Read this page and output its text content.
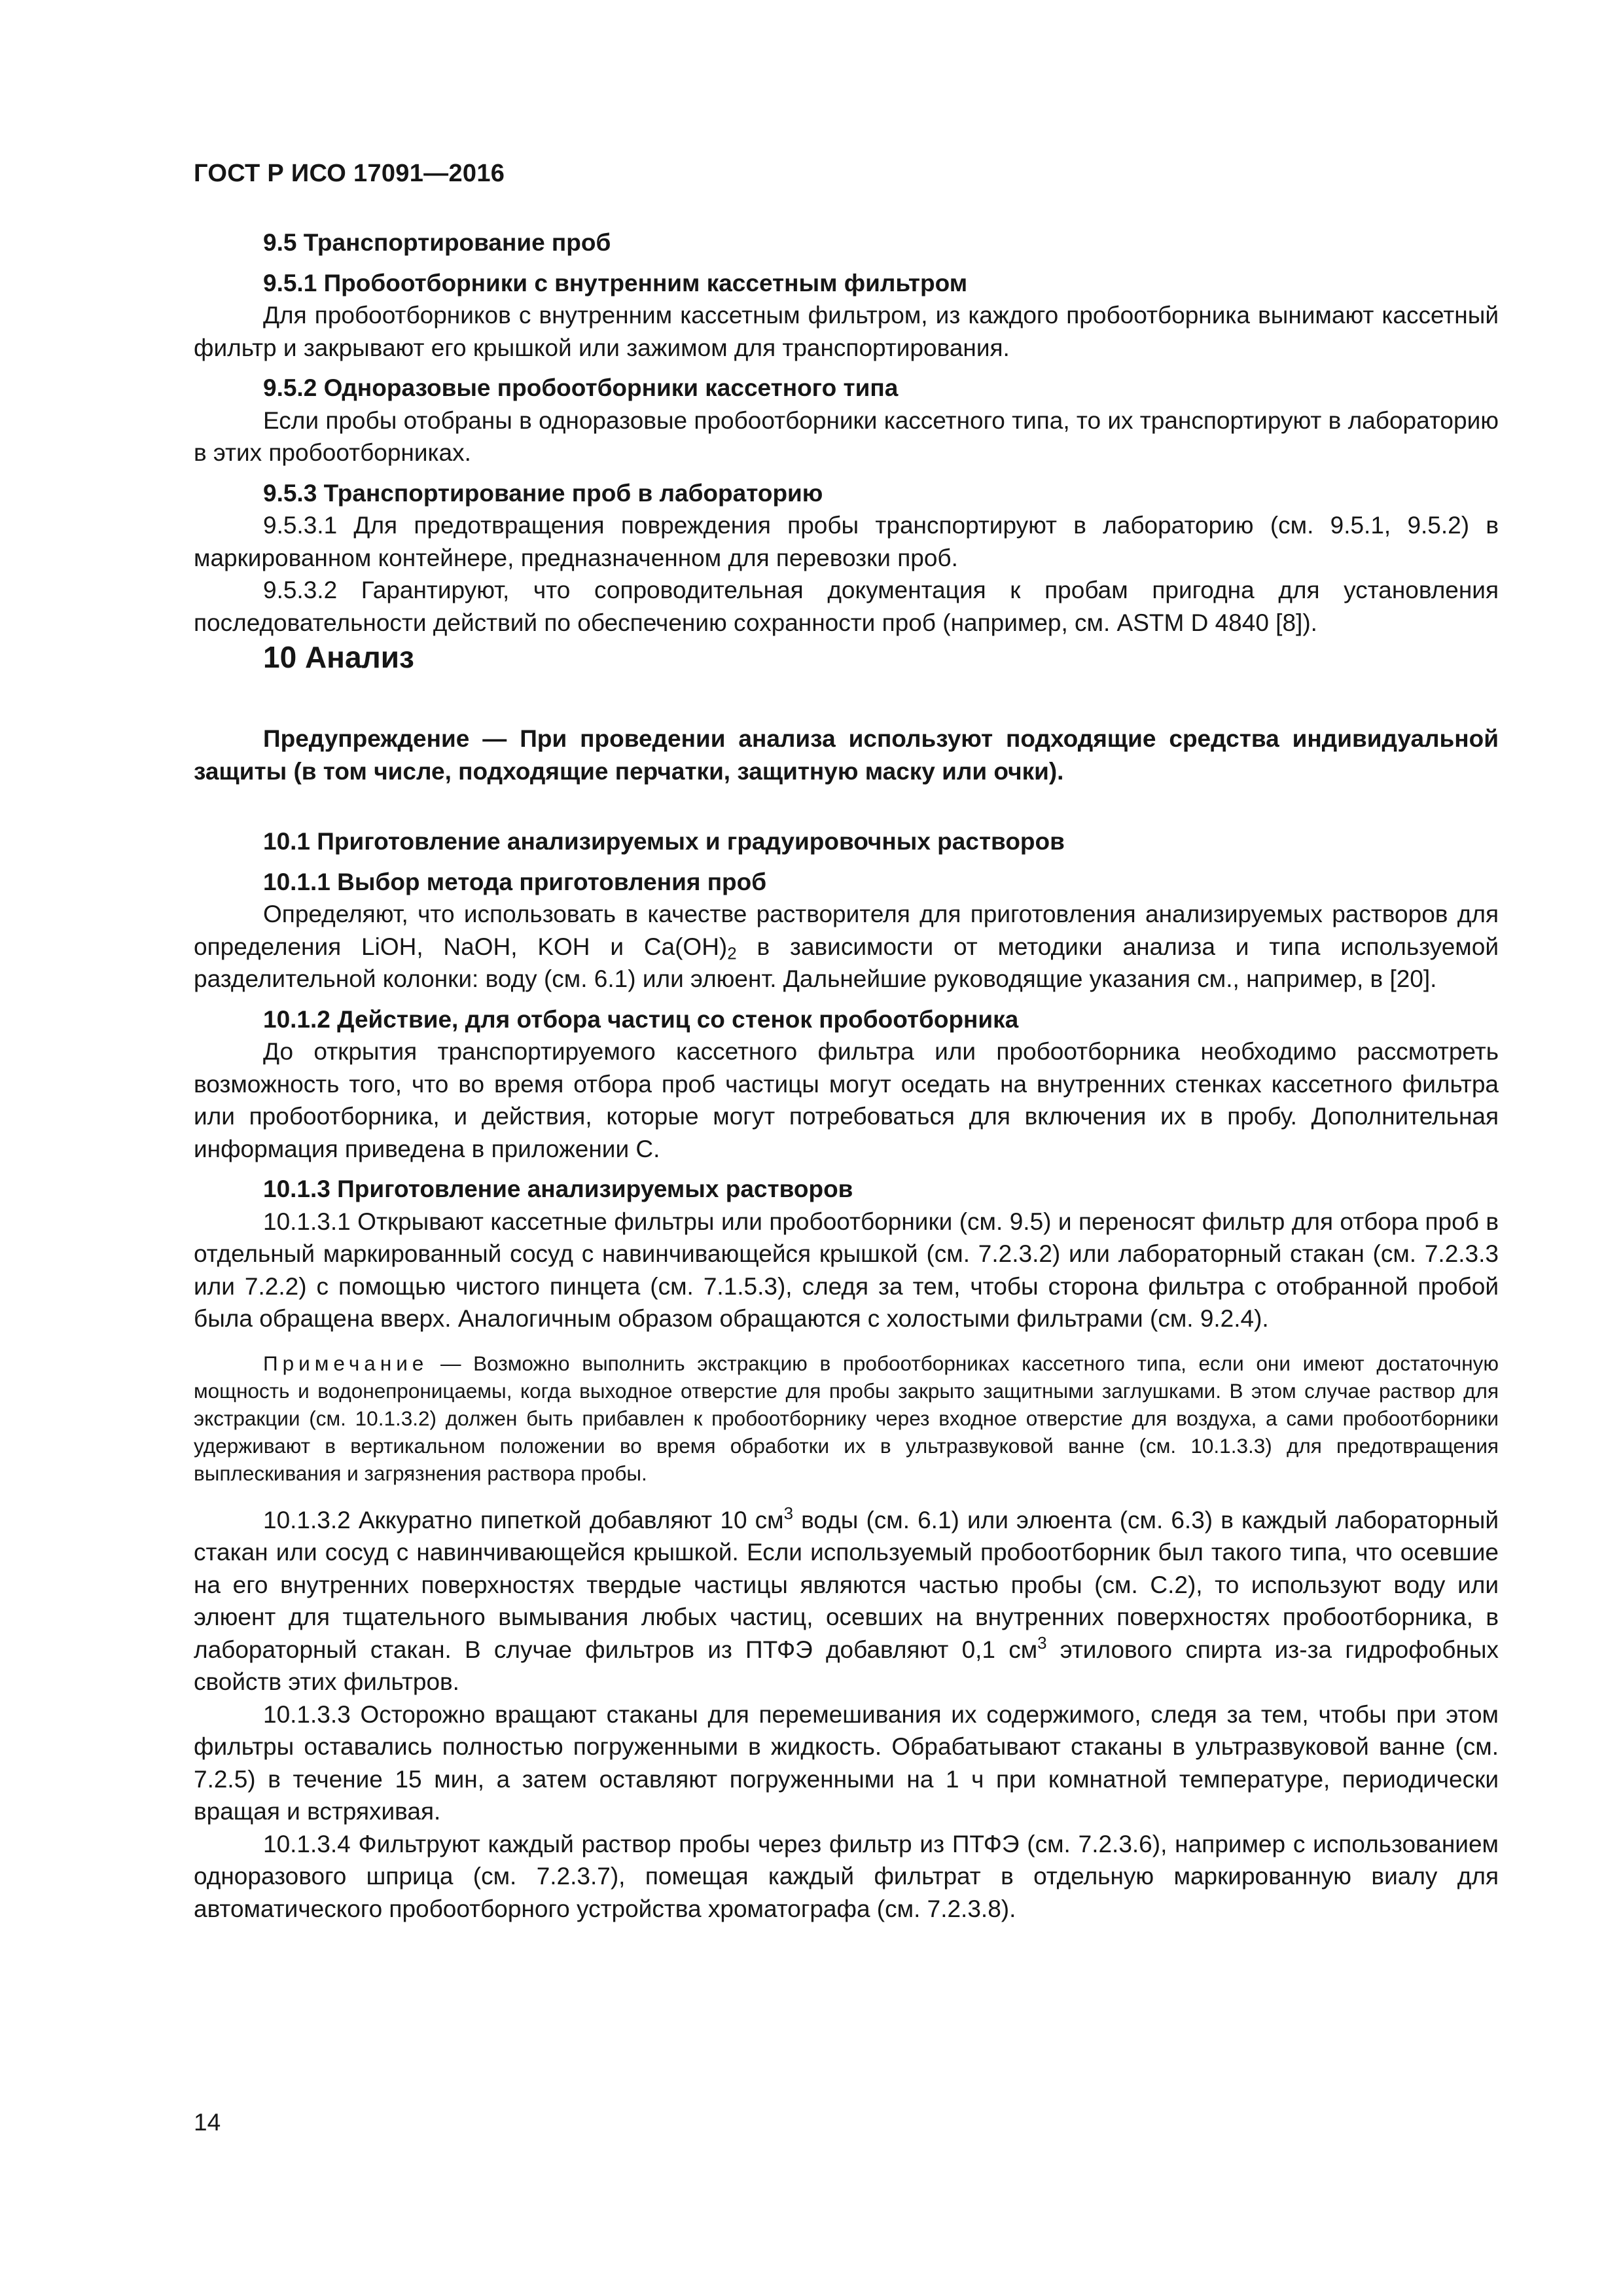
ГОСТ Р ИСО 17091—2016

9.5 Транспортирование проб

9.5.1 Пробоотборники с внутренним кассетным фильтром

Для пробоотборников с внутренним кассетным фильтром, из каждого пробоотборника вынимают кассетный фильтр и закрывают его крышкой или зажимом для транспортирования.

9.5.2 Одноразовые пробоотборники кассетного типа

Если пробы отобраны в одноразовые пробоотборники кассетного типа, то их транспортируют в лабораторию в этих пробоотборниках.

9.5.3 Транспортирование проб в лабораторию

9.5.3.1 Для предотвращения повреждения пробы транспортируют в лабораторию (см. 9.5.1, 9.5.2) в маркированном контейнере, предназначенном для перевозки проб.

9.5.3.2 Гарантируют, что сопроводительная документация к пробам пригодна для установления последовательности действий по обеспечению сохранности проб (например, см. ASTM D 4840 [8]).

10 Анализ

Предупреждение — При проведении анализа используют подходящие средства индивидуальной защиты (в том числе, подходящие перчатки, защитную маску или очки).

10.1 Приготовление анализируемых и градуировочных растворов

10.1.1 Выбор метода приготовления проб

Определяют, что использовать в качестве растворителя для приготовления анализируемых растворов для определения LiOH, NaOH, KOH и $Ca(OH)_2$ в зависимости от методики анализа и типа используемой разделительной колонки: воду (см. 6.1) или элюент. Дальнейшие руководящие указания см., например, в [20].

10.1.2 Действие, для отбора частиц со стенок пробоотборника

До открытия транспортируемого кассетного фильтра или пробоотборника необходимо рассмотреть возможность того, что во время отбора проб частицы могут оседать на внутренних стенках кассетного фильтра или пробоотборника, и действия, которые могут потребоваться для включения их в пробу. Дополнительная информация приведена в приложении С.

10.1.3 Приготовление анализируемых растворов

10.1.3.1 Открывают кассетные фильтры или пробоотборники (см. 9.5) и переносят фильтр для отбора проб в отдельный маркированный сосуд с навинчивающейся крышкой (см. 7.2.3.2) или лабораторный стакан (см. 7.2.3.3 или 7.2.2) с помощью чистого пинцета (см. 7.1.5.3), следя за тем, чтобы сторона фильтра с отобранной пробой была обращена вверх. Аналогичным образом обращаются с холостыми фильтрами (см. 9.2.4).

Примечание — Возможно выполнить экстракцию в пробоотборниках кассетного типа, если они имеют достаточную мощность и водонепроницаемы, когда выходное отверстие для пробы закрыто защитными заглушками. В этом случае раствор для экстракции (см. 10.1.3.2) должен быть прибавлен к пробоотборнику через входное отверстие для воздуха, а сами пробоотборники удерживают в вертикальном положении во время обработки их в ультразвуковой ванне (см. 10.1.3.3) для предотвращения выплескивания и загрязнения раствора пробы.

10.1.3.2 Аккуратно пипеткой добавляют 10 $см^3$ воды (см. 6.1) или элюента (см. 6.3) в каждый лабораторный стакан или сосуд с навинчивающейся крышкой. Если используемый пробоотборник был такого типа, что осевшие на его внутренних поверхностях твердые частицы являются частью пробы (см. С.2), то используют воду или элюент для тщательного вымывания любых частиц, осевших на внутренних поверхностях пробоотборника, в лабораторный стакан. В случае фильтров из ПТФЭ добавляют 0,1 $см^3$ этилового спирта из-за гидрофобных свойств этих фильтров.

10.1.3.3 Осторожно вращают стаканы для перемешивания их содержимого, следя за тем, чтобы при этом фильтры оставались полностью погруженными в жидкость. Обрабатывают стаканы в ультразвуковой ванне (см. 7.2.5) в течение 15 мин, а затем оставляют погруженными на 1 ч при комнатной температуре, периодически вращая и встряхивая.

10.1.3.4 Фильтруют каждый раствор пробы через фильтр из ПТФЭ (см. 7.2.3.6), например с использованием одноразового шприца (см. 7.2.3.7), помещая каждый фильтрат в отдельную маркированную виалу для автоматического пробоотборного устройства хроматографа (см. 7.2.3.8).

14
